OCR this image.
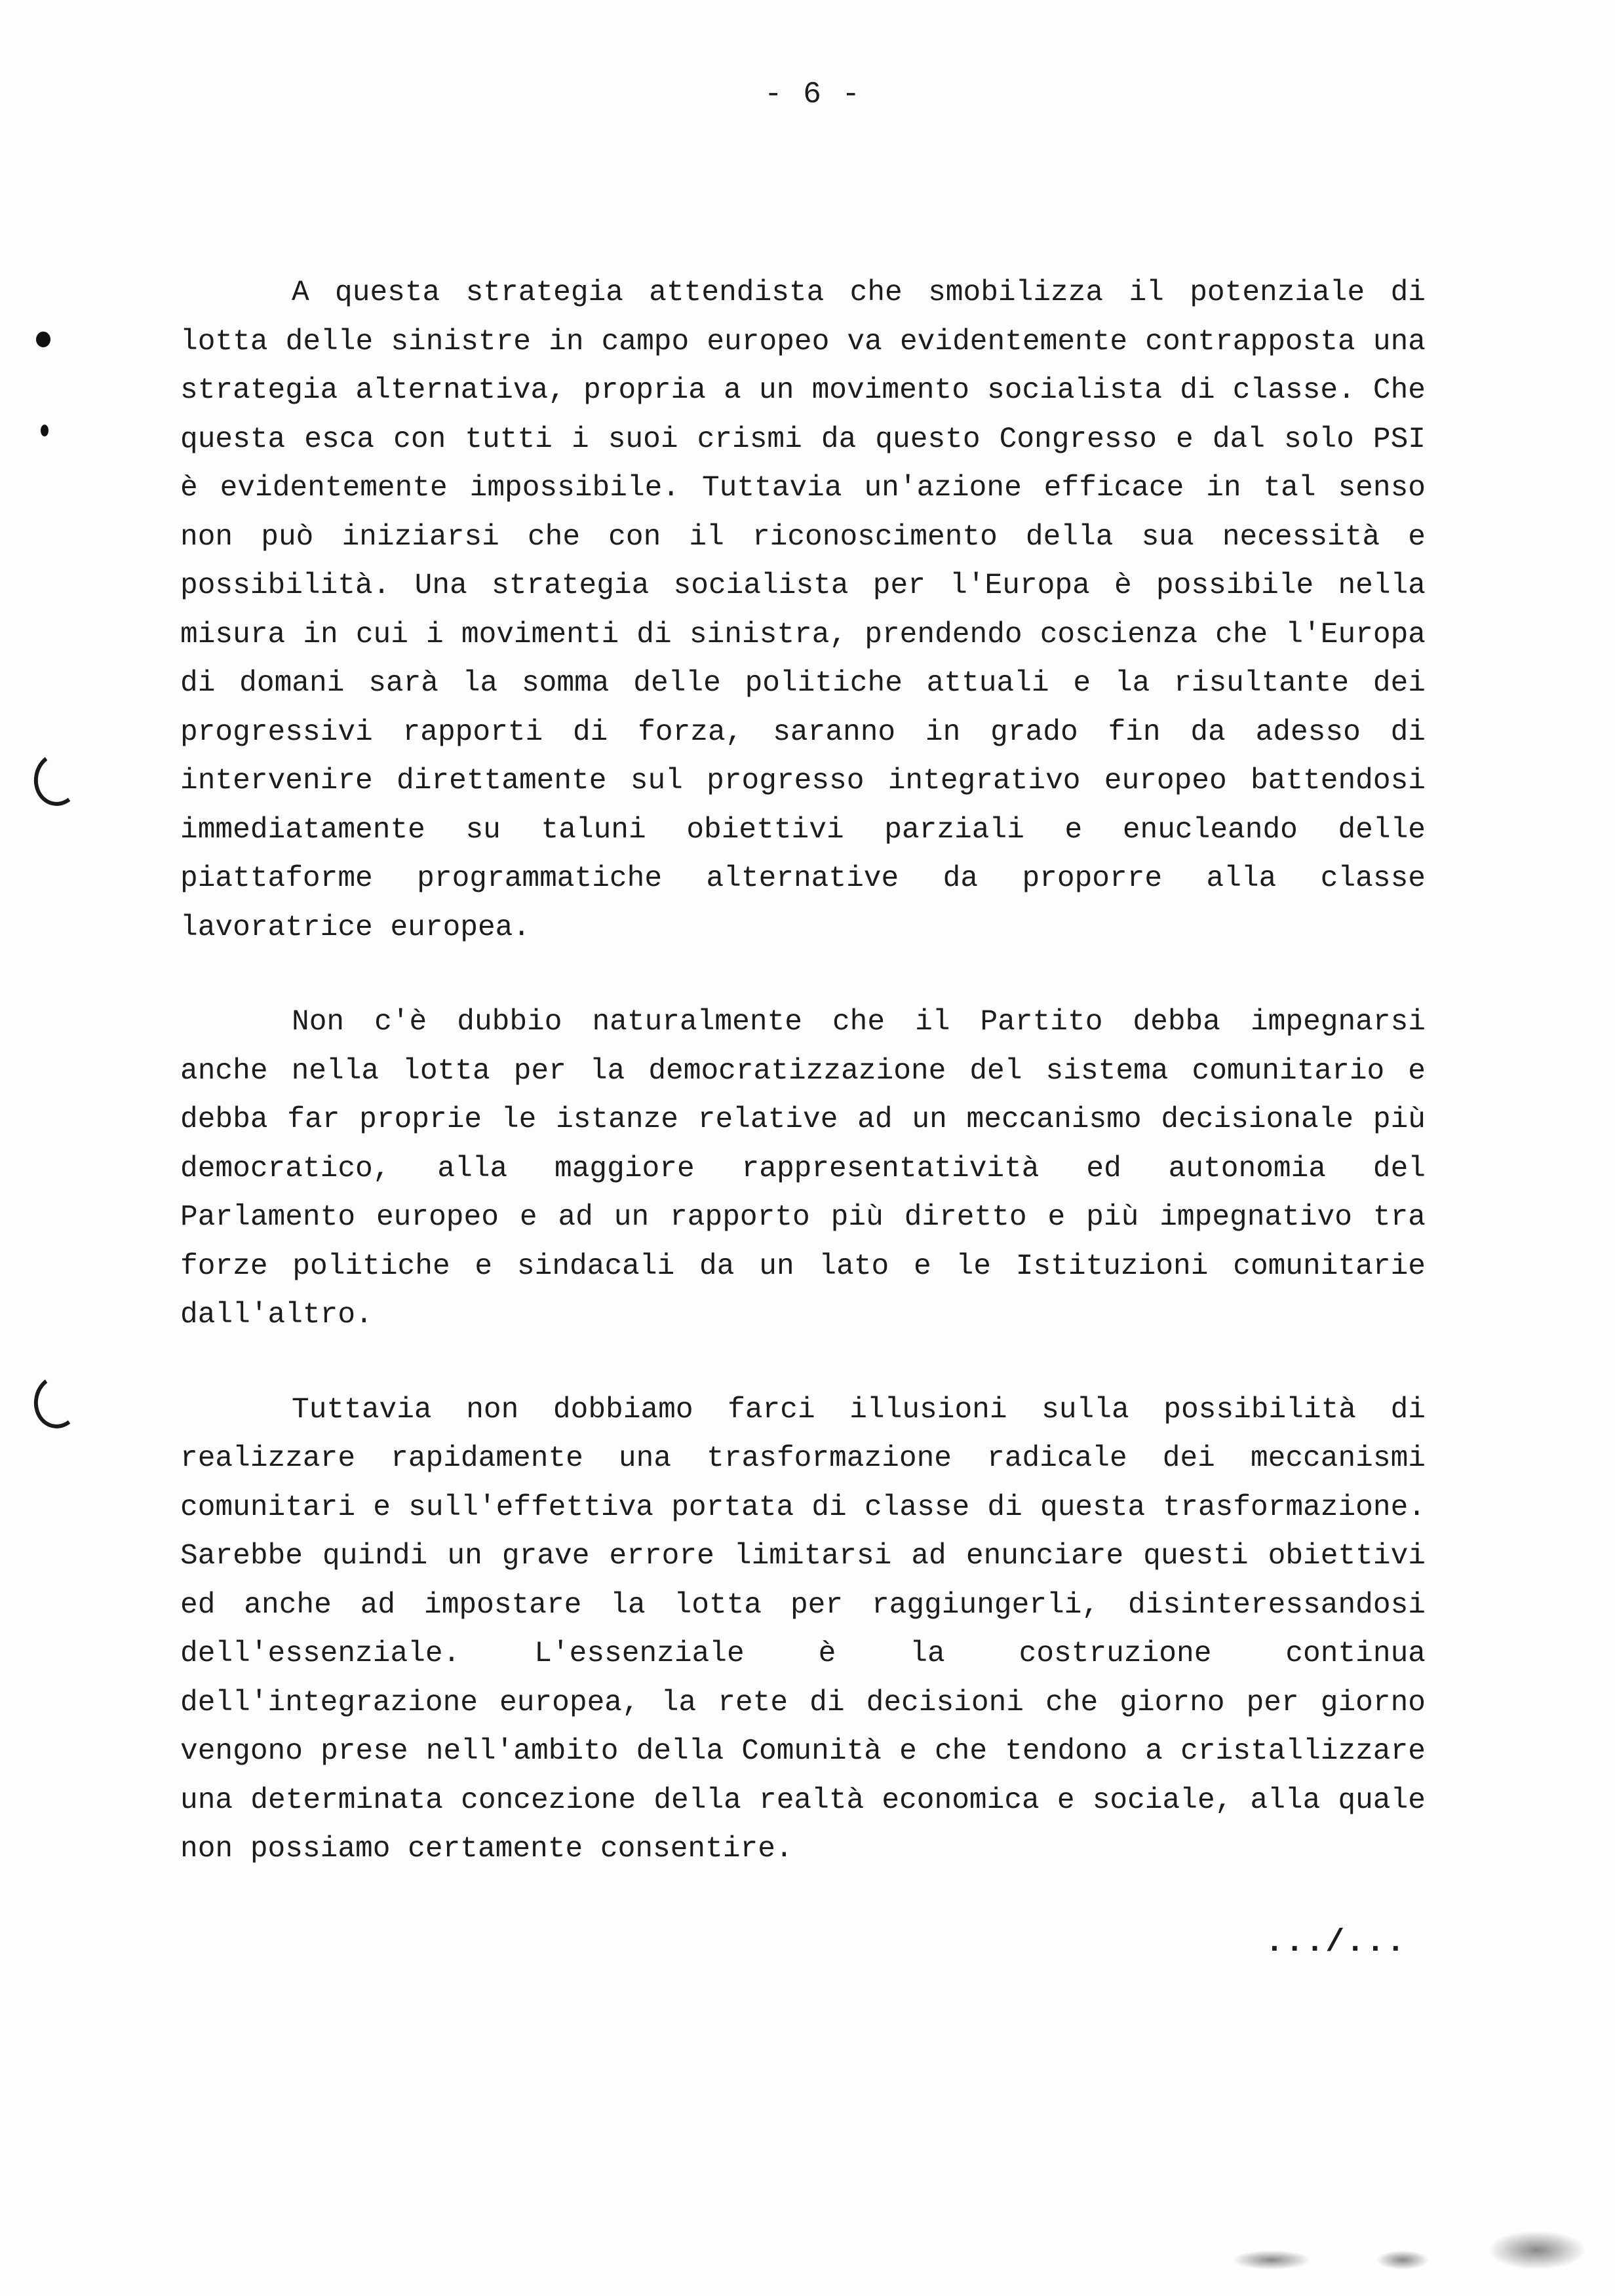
- 6 -

A questa strategia attendista che smobilizza il potenziale di lotta delle sinistre in campo europeo va evidentemente contrapposta una strategia alternativa, propria a un movimento socialista di classe. Che questa esca con tutti i suoi crismi da questo Congresso e dal solo PSI è evidentemente impossibile. Tuttavia un'azione efficace in tal senso non può iniziarsi che con il riconoscimento della sua necessità e possibilità. Una strategia socialista per l'Europa è possibile nella misura in cui i movimenti di sinistra, prendendo coscienza che l'Europa di domani sarà la somma delle politiche attuali e la risultante dei progressivi rapporti di forza, saranno in grado fin da adesso di intervenire direttamente sul progresso integrativo europeo battendosi immediatamente su taluni obiettivi parziali e enucleando delle piattaforme programmatiche alternative da proporre alla classe lavoratrice europea.

Non c'è dubbio naturalmente che il Partito debba impegnarsi anche nella lotta per la democratizzazione del sistema comunitario e debba far proprie le istanze relative ad un meccanismo decisionale più democratico, alla maggiore rappresentatività ed autonomia del Parlamento europeo e ad un rapporto più diretto e più impegnativo tra forze politiche e sindacali da un lato e le Istituzioni comunitarie dall'altro.

Tuttavia non dobbiamo farci illusioni sulla possibilità di realizzare rapidamente una trasformazione radicale dei meccanismi comunitari e sull'effettiva portata di classe di questa trasformazione. Sarebbe quindi un grave errore limitarsi ad enunciare questi obiettivi ed anche ad impostare la lotta per raggiungerli, disinteressandosi dell'essenziale. L'essenziale è la costruzione continua dell'integrazione europea, la rete di decisioni che giorno per giorno vengono prese nell'ambito della Comunità e che tendono a cristallizzare una determinata concezione della realtà economica e sociale, alla quale non possiamo certamente consentire.

.../...
